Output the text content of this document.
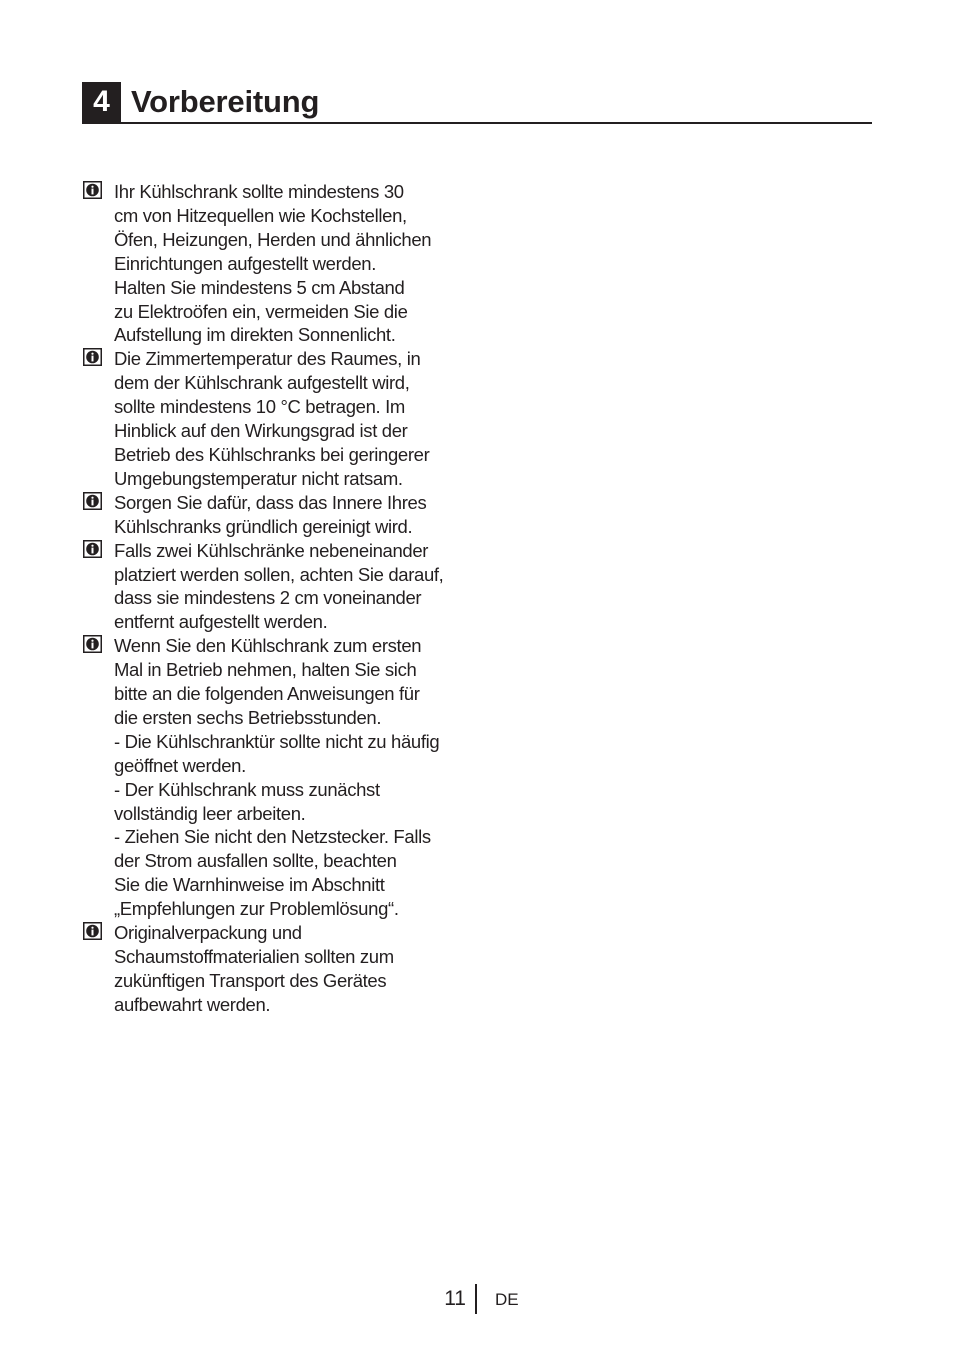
4 Vorbereitung
Ihr Kühlschrank sollte mindestens 30
cm von Hitzequellen wie Kochstellen,
Öfen, Heizungen, Herden und ähnlichen
Einrichtungen aufgestellt werden.
Halten Sie mindestens 5 cm Abstand
zu Elektroöfen ein, vermeiden Sie die
Aufstellung im direkten Sonnenlicht.
Die Zimmertemperatur des Raumes, in
dem der Kühlschrank aufgestellt wird,
sollte mindestens 10 °C betragen. Im
Hinblick auf den Wirkungsgrad ist der
Betrieb des Kühlschranks bei geringerer
Umgebungstemperatur nicht ratsam.
Sorgen Sie dafür, dass das Innere Ihres
Kühlschranks gründlich gereinigt wird.
Falls zwei Kühlschränke nebeneinander
platziert werden sollen, achten Sie darauf,
dass sie mindestens 2 cm voneinander
entfernt aufgestellt werden.
Wenn Sie den Kühlschrank zum ersten
Mal in Betrieb nehmen, halten Sie sich
bitte an die folgenden Anweisungen für
die ersten sechs Betriebsstunden.
- Die Kühlschranktür sollte nicht zu häufig
geöffnet werden.
- Der Kühlschrank muss zunächst
vollständig leer arbeiten.
- Ziehen Sie nicht den Netzstecker. Falls
der Strom ausfallen sollte, beachten
Sie die Warnhinweise im Abschnitt
„Empfehlungen zur Problemlösung“.
Originalverpackung und
Schaumstoffmaterialien sollten zum
zukünftigen Transport des Gerätes
aufbewahrt werden.
11 DE
